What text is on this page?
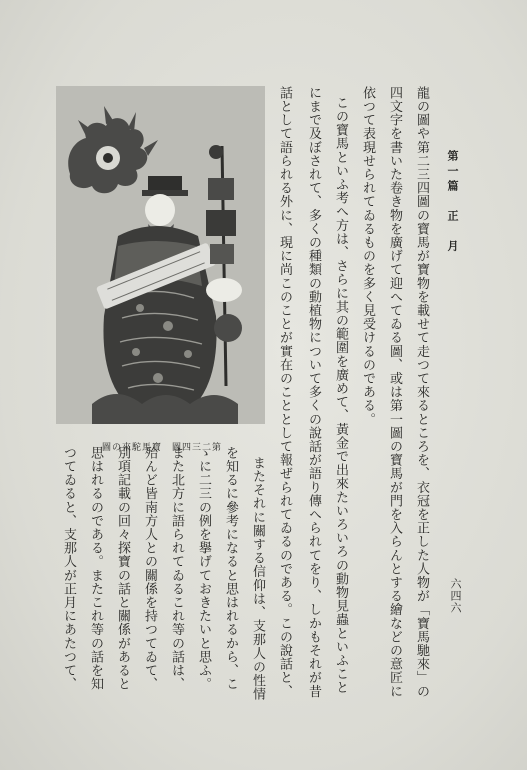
第一篇　正　月
六四六
龍の圖や第二三四圖の寶馬が寶物を載せて走つて來るところを、衣冠を正した人物が「寶馬馳來」の
四文字を書いた卷き物を廣げて迎へてゐる圖、或は第一圖の寶馬が門を入らんとする繪などの意匠に
依つて表現せられてゐるものを多く見受けるのである。
この寶馬といふ考へ方は、さらに其の範圍を廣めて、黃金で出來たいろいろの動物見蟲といふこと
にまで及ぼされて、多くの種類の動植物について多くの說話が語り傳へられてをり、しかもそれが昔
話として語られる外に、現に尚このことが實在のこととして報ぜられてゐるのである。この說話と、
またそれに關する信仰は、支那人の性情
を知るに參考になると思はれるから、こ
ゝに二三の例を擧げておきたいと思ふ。
また北方に語られてゐるこれ等の話は、
殆んど皆南方人との關係を持つてゐて、
別項記載の回々探寶の話と關係があると
思はれるのである。またこれ等の話を知
つてゐると、支那人が正月にあたつて、	圖の來駝馬寶　圖四三二第
